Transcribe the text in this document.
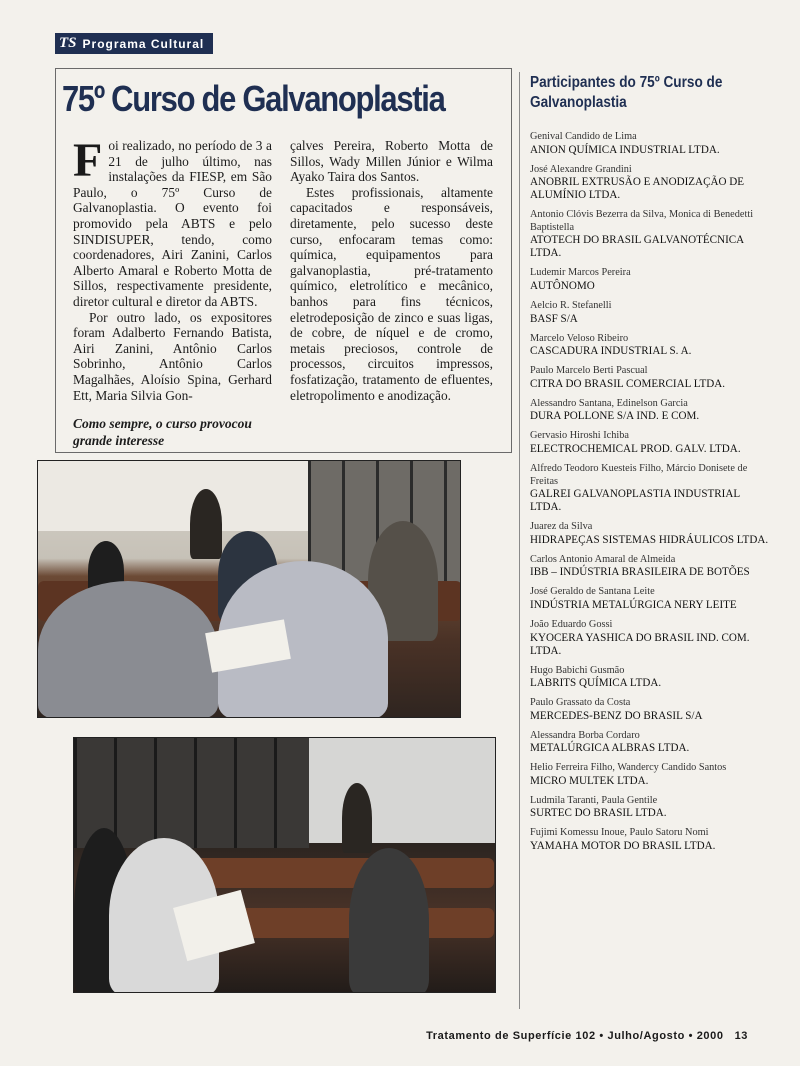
TS Programa Cultural
75º Curso de Galvanoplastia

Foi realizado, no período de 3 a 21 de julho último, nas instalações da FIESP, em São Paulo, o 75º Curso de Galvanoplastia. O evento foi promovido pela ABTS e pelo SINDISUPER, tendo, como coordenadores, Airi Zanini, Carlos Alberto Amaral e Roberto Motta de Sillos, respectivamente presidente, diretor cultural e diretor da ABTS.

Por outro lado, os expositores foram Adalberto Fernando Batista, Airi Zanini, Antônio Carlos Sobrinho, Antônio Carlos Magalhães, Aloísio Spina, Gerhard Ett, Maria Silvia Gon-

çalves Pereira, Roberto Motta de Sillos, Wady Millen Júnior e Wilma Ayako Taira dos Santos.

Estes profissionais, altamente capacitados e responsáveis, diretamente, pelo sucesso deste curso, enfocaram temas como: química, equipamentos para galvanoplastia, pré-tratamento químico, eletrolítico e mecânico, banhos para fins técnicos, eletrodeposição de zinco e suas ligas, de cobre, de níquel e de cromo, metais preciosos, controle de processos, circuitos impressos, fosfatização, tratamento de efluentes, eletropolimento e anodização.

Como sempre, o curso provocou grande interesse

Participantes do 75º Curso de Galvanoplastia
Genival Candido de Lima
ANION QUÍMICA INDUSTRIAL LTDA.
José Alexandre Grandini
ANOBRIL EXTRUSÃO E ANODIZAÇÃO DE ALUMÍNIO LTDA.
Antonio Clóvis Bezerra da Silva, Monica di Benedetti Baptistella
ATOTECH DO BRASIL GALVANOTÉCNICA LTDA.
Ludemir Marcos Pereira
AUTÔNOMO
Aelcio R. Stefanelli
BASF S/A
Marcelo Veloso Ribeiro
CASCADURA INDUSTRIAL S. A.
Paulo Marcelo Berti Pascual
CITRA DO BRASIL COMERCIAL LTDA.
Alessandro Santana, Edinelson Garcia
DURA POLLONE S/A IND. E COM.
Gervasio Hiroshi Ichiba
ELECTROCHEMICAL PROD. GALV. LTDA.
Alfredo Teodoro Kuesteis Filho, Márcio Donisete de Freitas
GALREI GALVANOPLASTIA INDUSTRIAL LTDA.
Juarez da Silva
HIDRAPEÇAS SISTEMAS HIDRÁULICOS LTDA.
Carlos Antonio Amaral de Almeida
IBB – INDÚSTRIA BRASILEIRA DE BOTÕES
José Geraldo de Santana Leite
INDÚSTRIA METALÚRGICA NERY LEITE
João Eduardo Gossi
KYOCERA YASHICA DO BRASIL IND. COM. LTDA.
Hugo Babichi Gusmão
LABRITS QUÍMICA LTDA.
Paulo Grassato da Costa
MERCEDES-BENZ DO BRASIL S/A
Alessandra Borba Cordaro
METALÚRGICA ALBRAS LTDA.
Helio Ferreira Filho, Wandercy Candido Santos
MICRO MULTEK LTDA.
Ludmila Taranti, Paula Gentile
SURTEC DO BRASIL LTDA.
Fujimi Komessu Inoue, Paulo Satoru Nomi
YAMAHA MOTOR DO BRASIL LTDA.

Tratamento de Superfície 102 • Julho/Agosto • 2000 13
